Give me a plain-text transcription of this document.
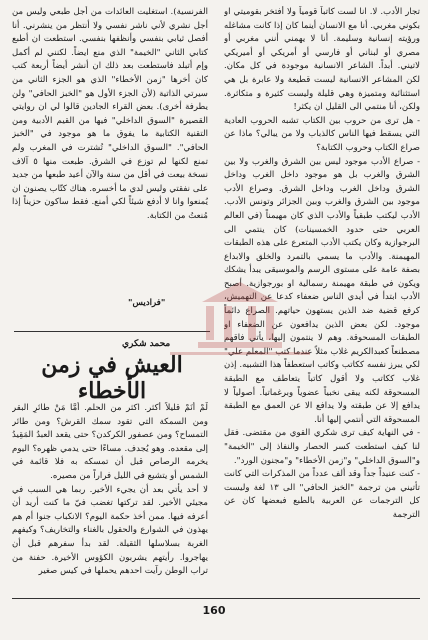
تجار الأدب. لا. انا لست كاتباً قومياً ولا أفتخر بقوميتي او بكوني مغربي. أنا مع الانسان أينما كان إذا كانت مشاغله ورؤيته إنسانية وسليمة. أنا لا يهمني أنني مغربي أو مصري أو لبناني أو فارسي أو أمريكي أو أميريكي لاتيني. أبداً. الشاعر الانسانية موجودة في كل مكان. لكن المشاعر الانسانية ليست قطيعة ولا عابرة بل هي استثنائية ومتميزة وهي قليلة وليست كثيرة و متكاثرة. ولكن، أنا منتمي الى القليل ان يكثر!

- هل ترى من حروب بين الكتاب تشبه الحروب العادية التي يسقط فيها الناس كالذباب ولا من يبالي؟ ماذا عن صراع الكتاب وحروب الكتابة؟

- صراع الأدب موجود ليس بين الشرق والغرب ولا بين الشرق والغرب بل هو موجود داخل الغرب وداخل الشرق وداخل الغرب وداخل الشرق. وصراع الأدب موجود بين الشرق والغرب وبين الجزائر وتونس الأدب. الأدب ليكتب طبقياً والأدب الذي كان مهيمناً (في العالم العربي حتى حدود الخمسينات) كان ينتمي الى البرجوازية وكان يكتب الأدب المتعرع على هذه الطبقات المهيمنة. والأدب ما يسمي بالتمرد والخلق والابداع بصفة عامة على مستوى الرسم والموسيقى يبدأ يشكك ويكون في طبقة مهيمنة رسمالية او بورجوازية. أصبح الأدب ابتدأ في أيدي الناس ضعفاء كدعا عن التهميش، كرفع قضية ضد الذين يستهون حياتهم. الصراع دائماً موجود. لكن بعض الذين يدافعون عن الضعفاء او الطبقات المسحوقة. وهم لا ينتمون إليها، يأتي فاقهم مصطنعاً كعبدالكريم غلاب مثلاً عندما كتب "المعلم علي" لكي يبرز نفسه ككاتب وكاتب استعطفاً هذا التشبيه. إذن غلاب ككاتب ولا أقول كاتباً يتعاطف مع الطبقة المسحوقة لكنه يبقى نخبياً عضوياً وبرغماتياً. أصولياً لا يدافع إلا عن طبقته ولا يدافع الا عن العمق مع الطبقة المسحوقة التي أنتمي إليها أنا.

- في النهاية كيف ترى شكري القوي من مقتضى. فقل لنا كيف استطعت كسر الحصار والنفاذ إلى "الخيمة" و"السوق الداخلي" و"زمن الأخطاء" و"مجنون الورد".

- كنت عنيداً جداً وقد ألف عدداً من المذكرات التي كانت تأتيني من ترجمة "الخبز الحافي" الى ١٣ لغة وليست كل الترجمات عن العربية بالطبع فبعضها كان عن الترجمة

الفرنسية). استغليت العائدات من أجل طبعي وليس من أجل نشري لأني ناشر نفسي ولا أنتظر من ينشرني. أنا أفصل ثيابي بنفسي وأنظفها بنفسي. استطعت ان أطبع كتابي الثاني "الخيمة" الذي منع ايضاً. لكنني لم أكمل وإم أتبلد فاستطعت بعد ذلك ان أنشر أيضاً أربعة كتب كان أخرها "زمن الأخطاء" الذي هو الجزء الثاني من سيرتي الذاتية (لأن الجزء الأول هو "الخبز الحافي" ولن يطرفة أخرى). بعض القراء الجادين قالوا لي ان روايتي القصيرة "السوق الداخلي" فيها من القيم الأدبية ومن التقنية الكتابية ما يفوق ما هو موجود في "الخبز الحافي". "السوق الداخلي" تُشترت في المغرب ولم تمنع لكنها لم توزع في الشرق. طبعت منها ٥ آلاف نسخة بيعت في أقل من سنة والآن أعيد طبعها من جديد على نفقتي وليس لدي ما أخسره. هناك كتّاب يصنون ان يُمنعوا وانا لا أدفع شيئاً لكي أمنع. فقط ساكون حزيناً إذا مُنعتُ من الكتابة.

"فراديس"
محمد شكري
العيش في زمن الأخطاء

لَمْ أَنَمْ قليلاً أكثر. اكثر من الحلم. أمَّا مَنْ طائرِ البقر ومن السمكة التي تقود سمك القرش؟ ومن طائر التمساح؟ ومن عصفور الكركدن؟ حتى يقعد العبدُ المَقِيدُ إلى مقعده. وهو يُجدف. مساءًا حتى يدمي ظهره؟ اليوم يخرمه الرصاص قبل أن تمسكه به فلا قائمة في الشمس أو يتشيع في الليل فراراً من مصيره.

لا أحد يأتي بعد أن يجيء الأخير. ربما هي السبب في مجيئي الأخير. لقد تركتها تغضب فيّ ما كنت أريد أن أعرفه فيها. ممن أخذ حكمة اليوم؟ الانكباب جنوا أم هم يهذون في الشوارع والحقول بالغناء والتخاريف؟ وكيفهم الغربة بسلاسلها الثقيلة. لقد بدأ سفرهم قبل أن يهاجروا. رأيتهم يشربون الكؤوس الأخيرة. حفنة من تراب الوطن رآيت احدهم يحملها في كيس صغير

160
